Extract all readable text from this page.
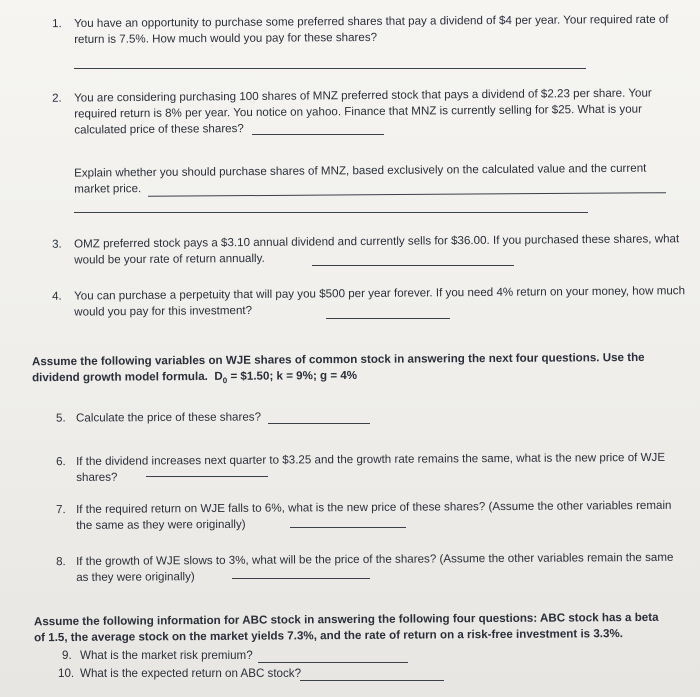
1. You have an opportunity to purchase some preferred shares that pay a dividend of $4 per year. Your required rate of return is 7.5%. How much would you pay for these shares?
2. You are considering purchasing 100 shares of MNZ preferred stock that pays a dividend of $2.23 per share. Your required return is 8% per year. You notice on yahoo. Finance that MNZ is currently selling for $25. What is your calculated price of these shares?
Explain whether you should purchase shares of MNZ, based exclusively on the calculated value and the current market price.
3. OMZ preferred stock pays a $3.10 annual dividend and currently sells for $36.00. If you purchased these shares, what would be your rate of return annually.
4. You can purchase a perpetuity that will pay you $500 per year forever. If you need 4% return on your money, how much would you pay for this investment?
Assume the following variables on WJE shares of common stock in answering the next four questions. Use the dividend growth model formula. $D_0$ = $1.50; k = 9%; g = 4%
5. Calculate the price of these shares?
6. If the dividend increases next quarter to $3.25 and the growth rate remains the same, what is the new price of WJE shares?
7. If the required return on WJE falls to 6%, what is the new price of these shares? (Assume the other variables remain the same as they were originally)
8. If the growth of WJE slows to 3%, what will be the price of the shares? (Assume the other variables remain the same as they were originally)
Assume the following information for ABC stock in answering the following four questions: ABC stock has a beta of 1.5, the average stock on the market yields 7.3%, and the rate of return on a risk-free investment is 3.3%.
9. What is the market risk premium?
10. What is the expected return on ABC stock?
